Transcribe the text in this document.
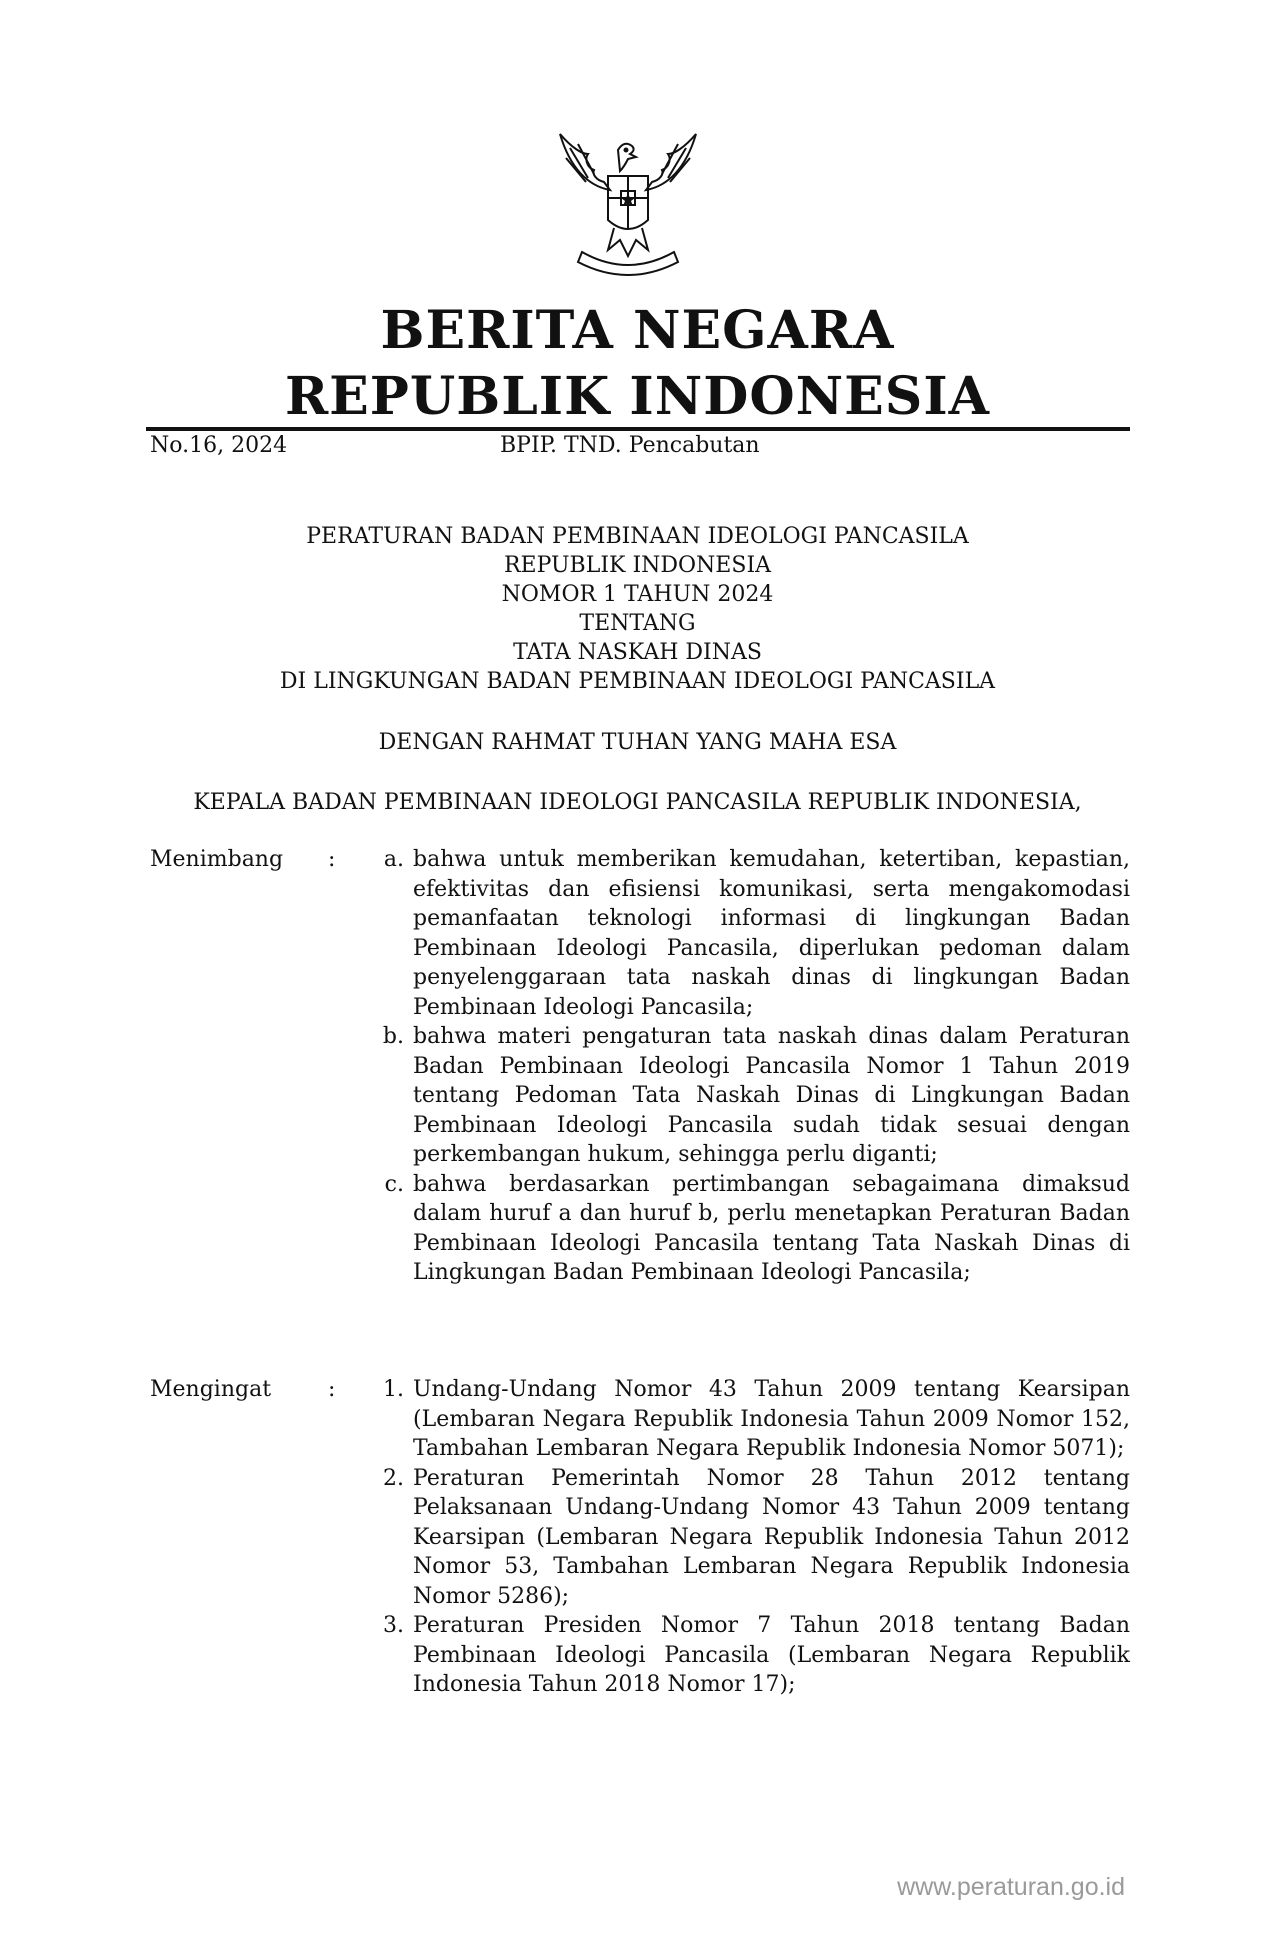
BERITA NEGARA
REPUBLIK INDONESIA
No.16, 2024	BPIP. TND. Pencabutan
PERATURAN BADAN PEMBINAAN IDEOLOGI PANCASILA
REPUBLIK INDONESIA
NOMOR 1 TAHUN 2024
TENTANG
TATA NASKAH DINAS
DI LINGKUNGAN BADAN PEMBINAAN IDEOLOGI PANCASILA
DENGAN RAHMAT TUHAN YANG MAHA ESA
KEPALA BADAN PEMBINAAN IDEOLOGI PANCASILA REPUBLIK INDONESIA,
Menimbang	:	a. bahwa untuk memberikan kemudahan, ketertiban, kepastian, efektivitas dan efisiensi komunikasi, serta mengakomodasi pemanfaatan teknologi informasi di lingkungan Badan Pembinaan Ideologi Pancasila, diperlukan pedoman dalam penyelenggaraan tata naskah dinas di lingkungan Badan Pembinaan Ideologi Pancasila;
b. bahwa materi pengaturan tata naskah dinas dalam Peraturan Badan Pembinaan Ideologi Pancasila Nomor 1 Tahun 2019 tentang Pedoman Tata Naskah Dinas di Lingkungan Badan Pembinaan Ideologi Pancasila sudah tidak sesuai dengan perkembangan hukum, sehingga perlu diganti;
c. bahwa berdasarkan pertimbangan sebagaimana dimaksud dalam huruf a dan huruf b, perlu menetapkan Peraturan Badan Pembinaan Ideologi Pancasila tentang Tata Naskah Dinas di Lingkungan Badan Pembinaan Ideologi Pancasila;
Mengingat	:	1. Undang-Undang Nomor 43 Tahun 2009 tentang Kearsipan (Lembaran Negara Republik Indonesia Tahun 2009 Nomor 152, Tambahan Lembaran Negara Republik Indonesia Nomor 5071);
2. Peraturan Pemerintah Nomor 28 Tahun 2012 tentang Pelaksanaan Undang-Undang Nomor 43 Tahun 2009 tentang Kearsipan (Lembaran Negara Republik Indonesia Tahun 2012 Nomor 53, Tambahan Lembaran Negara Republik Indonesia Nomor 5286);
3. Peraturan Presiden Nomor 7 Tahun 2018 tentang Badan Pembinaan Ideologi Pancasila (Lembaran Negara Republik Indonesia Tahun 2018 Nomor 17);
www.peraturan.go.id
